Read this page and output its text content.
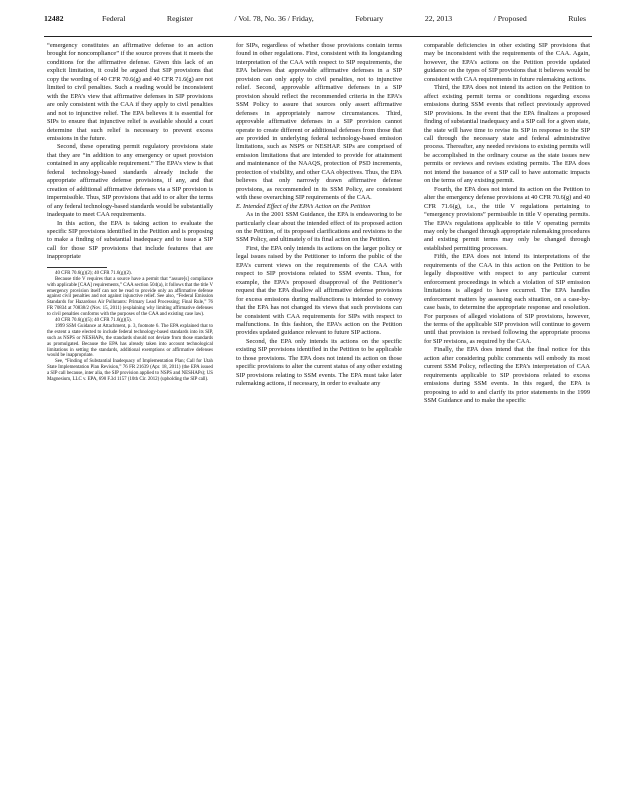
12482	Federal	Register	/ Vol. 78, No. 36 / Friday,	February	22, 2013	/ Proposed	Rules

“emergency constitutes an affirmative defense to an action brought for noncompliance” if the source proves that it meets the conditions for the affirmative defense. Given this lack of an explicit limitation, it could be argued that SIP provisions that copy the wording of 40 CFR 70.6(g) and 40 CFR 71.6(g) are not limited to civil penalties. Such a reading would be inconsistent with the EPA’s view that affirmative defenses in SIP provisions are only consistent with the CAA if they apply to civil penalties and not to injunctive relief. The EPA believes it is essential for SIPs to ensure that injunctive relief is available should a court determine that such relief is necessary to prevent excess emissions in the future.

Second, these operating permit regulatory provisions state that they are “in addition to any emergency or upset provision contained in any applicable requirement.” The EPA’s view is that federal technology-based standards already include the appropriate affirmative defense provisions, if any, and that creation of additional affirmative defenses via a SIP provision is impermissible. Thus, SIP provisions that add to or alter the terms of any federal technology-based standards would be substantially inadequate to meet CAA requirements.

In this action, the EPA is taking action to evaluate the specific SIP provisions identified in the Petition and is proposing to make a finding of substantial inadequacy and to issue a SIP call for those SIP provisions that include features that are inappropriate

40 CFR 70.6(g)(2); 40 CFR 71.6(g)(2).

Because title V requires that a source have a permit that “assure[s] compliance with applicable [CAA] requirements,” CAA section 504(a), it follows that the title V emergency provision itself can not be read to provide only an affirmative defense against civil penalties and not against injunctive relief. See also, “Federal Emission Standards for Hazardous Air Pollutants: Primary Lead Processing; Final Rule,” 76 FR 70834 at 70838/2 (Nov. 15, 2011) (explaining why limiting affirmative defenses to civil penalties conforms with the purposes of the CAA and existing case law).

40 CFR 70.6(g)(5); 40 CFR 71.6(g)(5).

1999 SSM Guidance at Attachment, p. 3, footnote 6. The EPA explained that to the extent a state elected to include federal technology-based standards into its SIP, such as NSPS or NESHAPs, the standards should not deviate from those standards as promulgated. Because the EPA has already taken into account technological limitations in setting the standards, additional exemptions or affirmative defenses would be inappropriate.

See, “Finding of Substantial Inadequacy of Implementation Plan; Call for Utah State Implementation Plan Revision,” 76 FR 21639 (Apr. 18, 2011) (the EPA issued a SIP call because, inter alia, the SIP provision applied to NSPS and NESHAPs); US Magnesium, LLC v. EPA, 690 F.3d 1157 (10th Cir. 2012) (upholding the SIP call).

for SIPs, regardless of whether those provisions contain terms found in other regulations. First, consistent with its longstanding interpretation of the CAA with respect to SIP requirements, the EPA believes that approvable affirmative defenses in a SIP provision can only apply to civil penalties, not to injunctive relief. Second, approvable affirmative defenses in a SIP provision should reflect the recommended criteria in the EPA’s SSM Policy to assure that sources only assert affirmative defenses in appropriately narrow circumstances. Third, approvable affirmative defenses in a SIP provision cannot operate to create different or additional defenses from those that are provided in underlying federal technology-based emission limitations, such as NSPS or NESHAP. SIPs are comprised of emission limitations that are intended to provide for attainment and maintenance of the NAAQS, protection of PSD increments, protection of visibility, and other CAA objectives. Thus, the EPA believes that only narrowly drawn affirmative defense provisions, as recommended in its SSM Policy, are consistent with these overarching SIP requirements of the CAA.

E. Intended Effect of the EPA’s Action on the Petition

As in the 2001 SSM Guidance, the EPA is endeavoring to be particularly clear about the intended effect of its proposed action on the Petition, of its proposed clarifications and revisions to the SSM Policy, and ultimately of its final action on the Petition.

First, the EPA only intends its actions on the larger policy or legal issues raised by the Petitioner to inform the public of the EPA’s current views on the requirements of the CAA with respect to SIP provisions related to SSM events. Thus, for example, the EPA’s proposed disapproval of the Petitioner’s request that the EPA disallow all affirmative defense provisions for excess emissions during malfunctions is intended to convey that the EPA has not changed its views that such provisions can be consistent with CAA requirements for SIPs with respect to malfunctions. In this fashion, the EPA’s action on the Petition provides updated guidance relevant to future SIP actions.

Second, the EPA only intends its actions on the specific existing SIP provisions identified in the Petition to be applicable to those provisions. The EPA does not intend its action on those specific provisions to alter the current status of any other existing SIP provisions relating to SSM events. The EPA must take later rulemaking actions, if necessary, in order to evaluate any

comparable deficiencies in other existing SIP provisions that may be inconsistent with the requirements of the CAA. Again, however, the EPA’s actions on the Petition provide updated guidance on the types of SIP provisions that it believes would be consistent with CAA requirements in future rulemaking actions.

Third, the EPA does not intend its action on the Petition to affect existing permit terms or conditions regarding excess emissions during SSM events that reflect previously approved SIP provisions. In the event that the EPA finalizes a proposed finding of substantial inadequacy and a SIP call for a given state, the state will have time to revise its SIP in response to the SIP call through the necessary state and federal administrative process. Thereafter, any needed revisions to existing permits will be accomplished in the ordinary course as the state issues new permits or reviews and revises existing permits. The EPA does not intend the issuance of a SIP call to have automatic impacts on the terms of any existing permit.

Fourth, the EPA does not intend its action on the Petition to alter the emergency defense provisions at 40 CFR 70.6(g) and 40 CFR 71.6(g), i.e., the title V regulations pertaining to “emergency provisions” permissible in title V operating permits. The EPA’s regulations applicable to title V operating permits may only be changed through appropriate rulemaking procedures and existing permit terms may only be changed through established permitting processes.

Fifth, the EPA does not intend its interpretations of the requirements of the CAA in this action on the Petition to be legally dispositive with respect to any particular current enforcement proceedings in which a violation of SIP emission limitations is alleged to have occurred. The EPA handles enforcement matters by assessing each situation, on a case-by-case basis, to determine the appropriate response and resolution. For purposes of alleged violations of SIP provisions, however, the terms of the applicable SIP provision will continue to govern until that provision is revised following the appropriate process for SIP revisions, as required by the CAA.

Finally, the EPA does intend that the final notice for this action after considering public comments will embody its most current SSM Policy, reflecting the EPA’s interpretation of CAA requirements applicable to SIP provisions related to excess emissions during SSM events. In this regard, the EPA is proposing to add to and clarify its prior statements in the 1999 SSM Guidance and to make the specific
